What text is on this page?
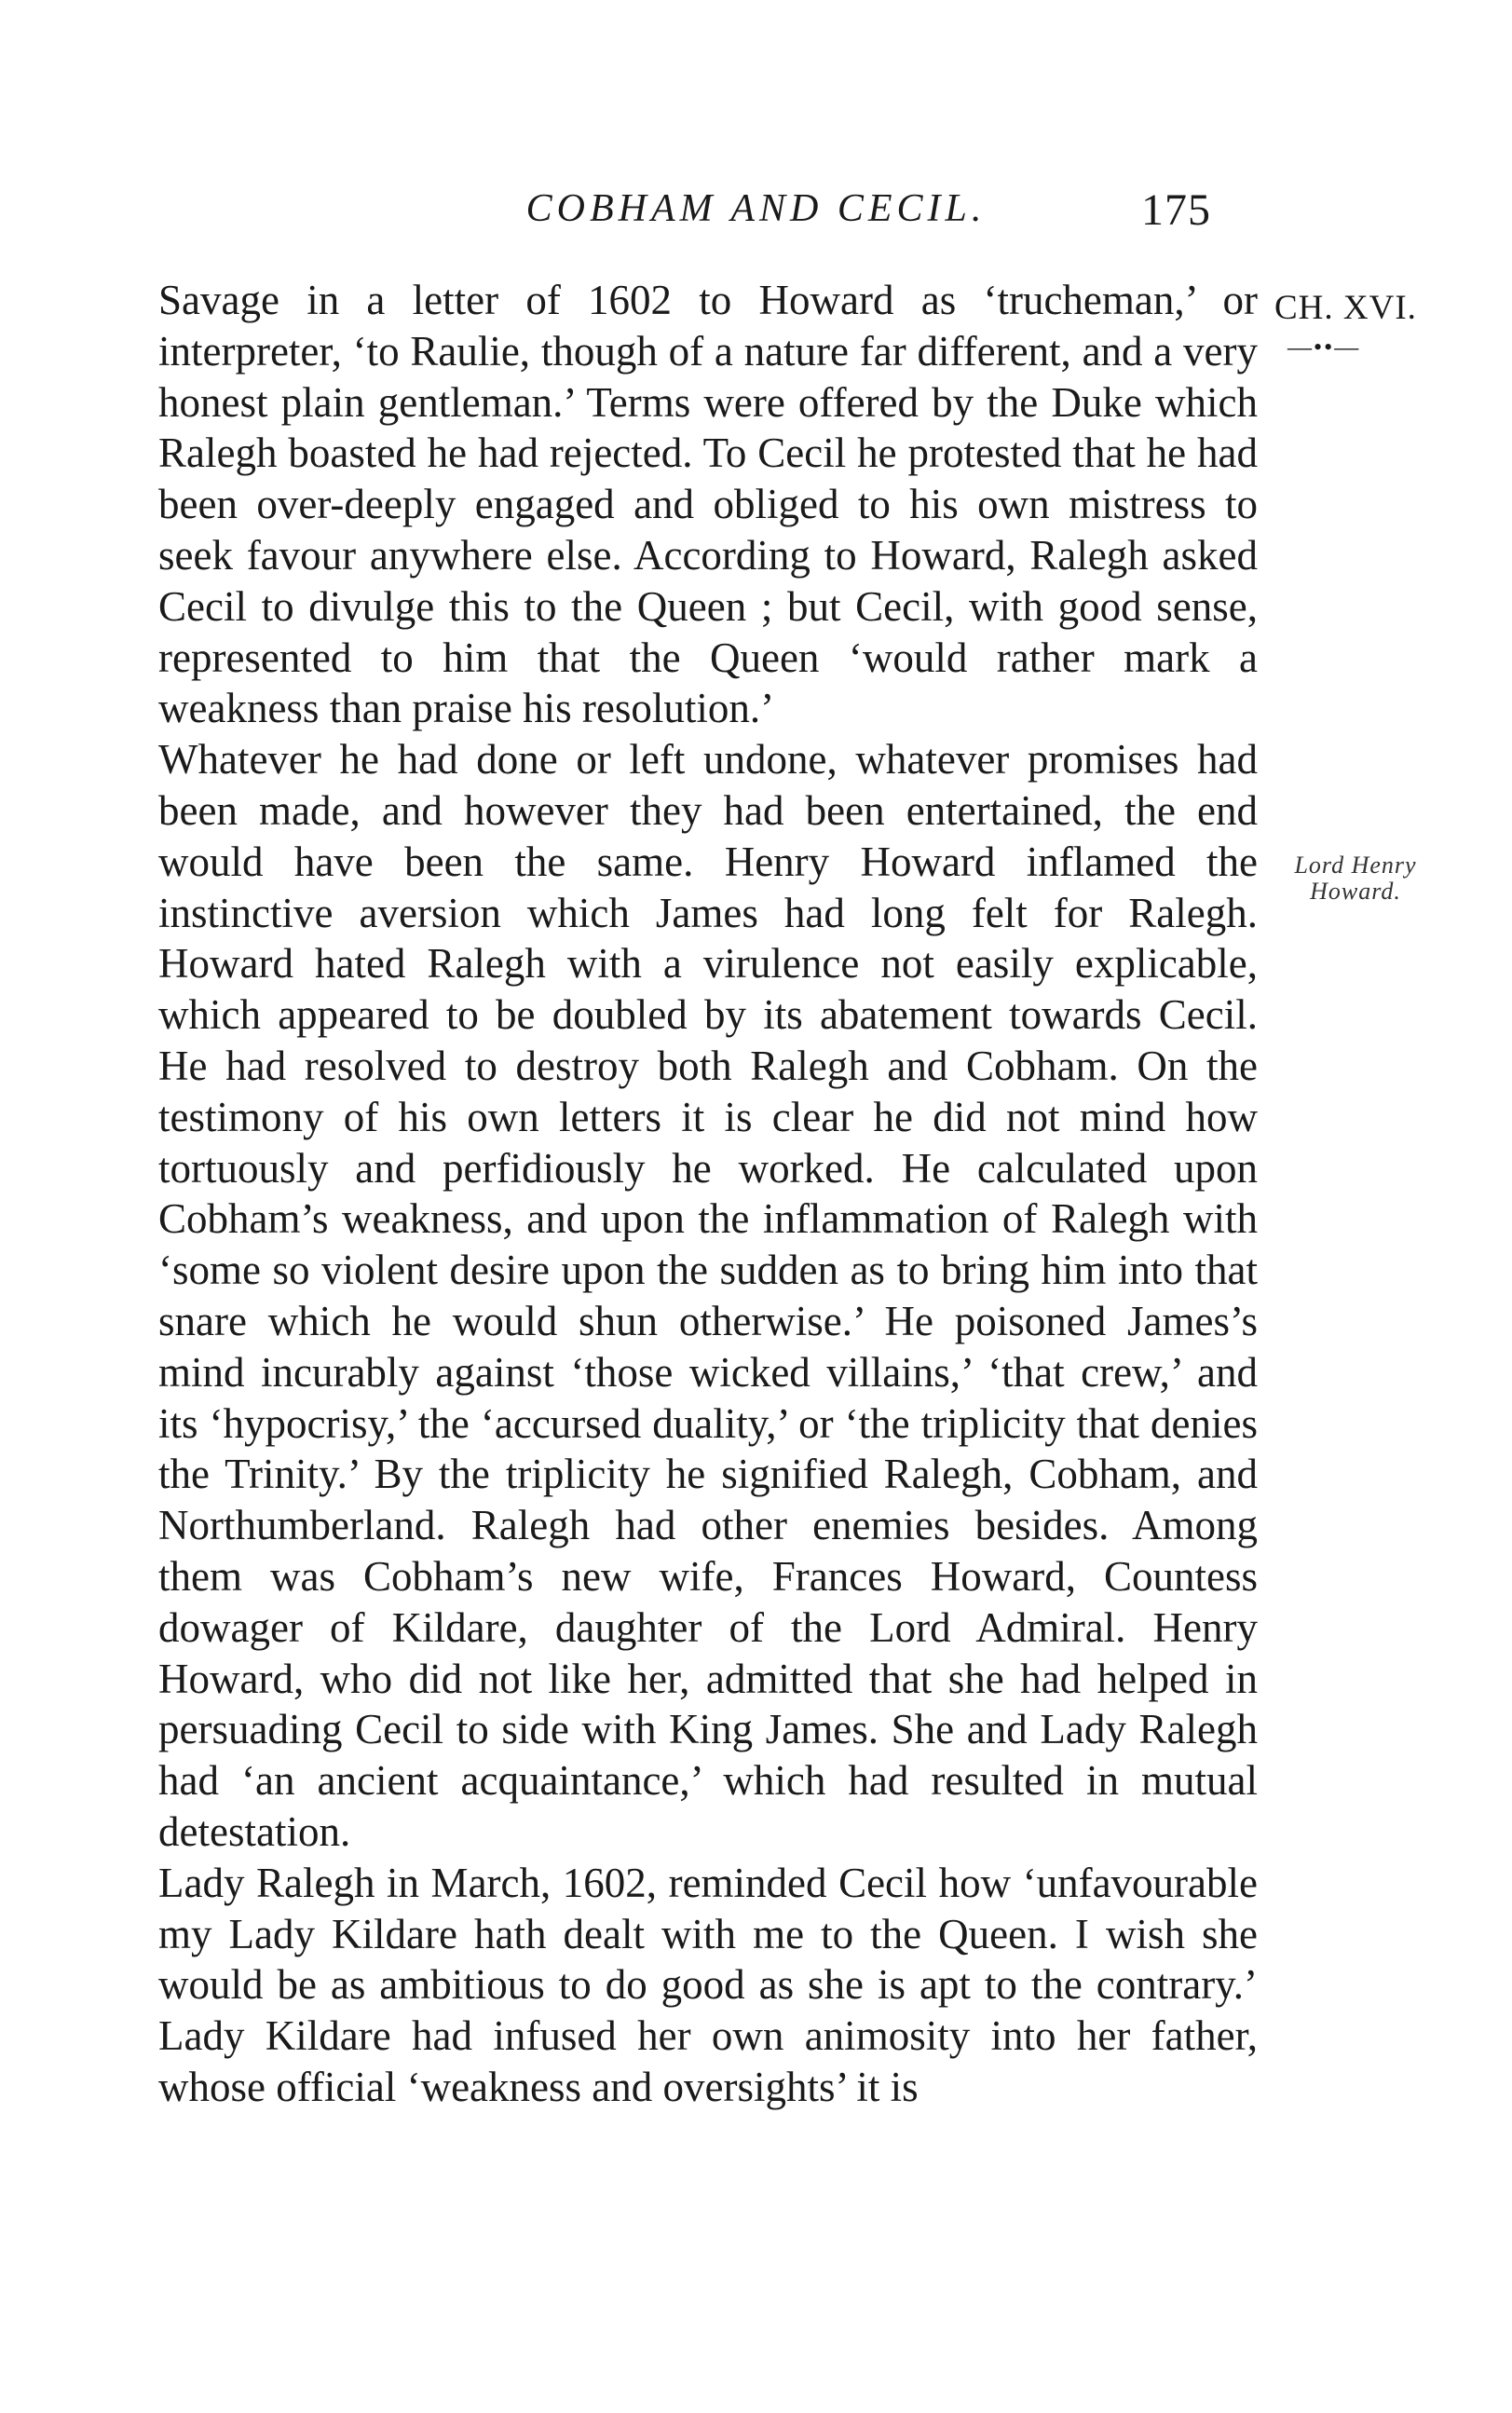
COBHAM AND CECIL.	175
CH. XVI.
—••—
Lord Henry Howard.

Savage in a letter of 1602 to Howard as ‘trucheman,’ or interpreter, ‘to Raulie, though of a nature far different, and a very honest plain gentleman.’ Terms were offered by the Duke which Ralegh boasted he had rejected. To Cecil he protested that he had been over-deeply engaged and obliged to his own mistress to seek favour anywhere else. According to Howard, Ralegh asked Cecil to divulge this to the Queen ; but Cecil, with good sense, represented to him that the Queen ‘would rather mark a weakness than praise his resolution.’

Whatever he had done or left undone, whatever promises had been made, and however they had been entertained, the end would have been the same. Henry Howard inflamed the instinctive aversion which James had long felt for Ralegh. Howard hated Ralegh with a virulence not easily explicable, which appeared to be doubled by its abatement towards Cecil. He had resolved to destroy both Ralegh and Cobham. On the testimony of his own letters it is clear he did not mind how tortuously and perfidiously he worked. He calculated upon Cobham’s weakness, and upon the inflammation of Ralegh with ‘some so violent desire upon the sudden as to bring him into that snare which he would shun otherwise.’ He poisoned James’s mind incurably against ‘those wicked villains,’ ‘that crew,’ and its ‘hypocrisy,’ the ‘accursed duality,’ or ‘the triplicity that denies the Trinity.’ By the triplicity he signified Ralegh, Cobham, and Northumberland. Ralegh had other enemies besides. Among them was Cobham’s new wife, Frances Howard, Countess dowager of Kildare, daughter of the Lord Admiral. Henry Howard, who did not like her, admitted that she had helped in persuading Cecil to side with King James. She and Lady Ralegh had ‘an ancient acquaintance,’ which had resulted in mutual detestation.

Lady Ralegh in March, 1602, reminded Cecil how ‘unfavourable my Lady Kildare hath dealt with me to the Queen. I wish she would be as ambitious to do good as she is apt to the contrary.’ Lady Kildare had infused her own animosity into her father, whose official ‘weakness and oversights’ it is
